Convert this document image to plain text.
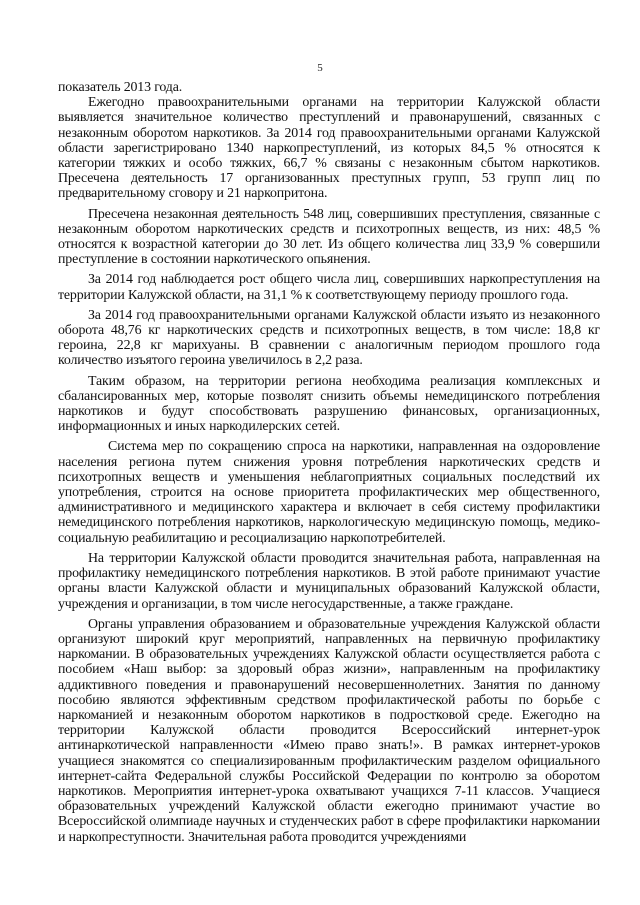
5

показатель 2013 года.

Ежегодно правоохранительными органами на территории Калужской области выявляется значительное количество преступлений и правонарушений, связанных с незаконным оборотом наркотиков. За 2014 год правоохранительными органами Калужской области зарегистрировано 1340 наркопреступлений, из которых 84,5 % относятся к категории тяжких и особо тяжких, 66,7 % связаны с незаконным сбытом наркотиков. Пресечена деятельность 17 организованных преступных групп, 53 групп лиц по предварительному сговору и 21 наркопритона.

Пресечена незаконная деятельность 548 лиц, совершивших преступления, связанные с незаконным оборотом наркотических средств и психотропных веществ, из них: 48,5 % относятся к возрастной категории до 30 лет. Из общего количества лиц 33,9 % совершили преступление в состоянии наркотического опьянения.

За 2014 год наблюдается рост общего числа лиц, совершивших наркопреступления на территории Калужской области, на 31,1 % к соответствующему периоду прошлого года.

За 2014 год правоохранительными органами Калужской области изъято из незаконного оборота 48,76 кг наркотических средств и психотропных веществ, в том числе: 18,8 кг героина, 22,8 кг марихуаны. В сравнении с аналогичным периодом прошлого года количество изъятого героина увеличилось в 2,2 раза.

Таким образом, на территории региона необходима реализация комплексных и сбалансированных мер, которые позволят снизить объемы немедицинского потребления наркотиков и будут способствовать разрушению финансовых, организационных, информационных и иных наркодилерских сетей.

Система мер по сокращению спроса на наркотики, направленная на оздоровление населения региона путем снижения уровня потребления наркотических средств и психотропных веществ и уменьшения неблагоприятных социальных последствий их употребления, строится на основе приоритета профилактических мер общественного, административного и медицинского характера и включает в себя систему профилактики немедицинского потребления наркотиков, наркологическую медицинскую помощь, медико-социальную реабилитацию и ресоциализацию наркопотребителей.

На территории Калужской области проводится значительная работа, направленная на профилактику немедицинского потребления наркотиков. В этой работе принимают участие органы власти Калужской области и муниципальных образований Калужской области, учреждения и организации, в том числе негосударственные, а также граждане.

Органы управления образованием и образовательные учреждения Калужской области организуют широкий круг мероприятий, направленных на первичную профилактику наркомании. В образовательных учреждениях Калужской области осуществляется работа с пособием «Наш выбор: за здоровый образ жизни», направленным на профилактику аддиктивного поведения и правонарушений несовершеннолетних. Занятия по данному пособию являются эффективным средством профилактической работы по борьбе с наркоманией и незаконным оборотом наркотиков в подростковой среде. Ежегодно на территории Калужской области проводится Всероссийский интернет-урок антинаркотической направленности «Имею право знать!». В рамках интернет-уроков учащиеся знакомятся со специализированным профилактическим разделом официального интернет-сайта Федеральной службы Российской Федерации по контролю за оборотом наркотиков. Мероприятия интернет-урока охватывают учащихся 7-11 классов. Учащиеся образовательных учреждений Калужской области ежегодно принимают участие во Всероссийской олимпиаде научных и студенческих работ в сфере профилактики наркомании и наркопреступности. Значительная работа проводится учреждениями
